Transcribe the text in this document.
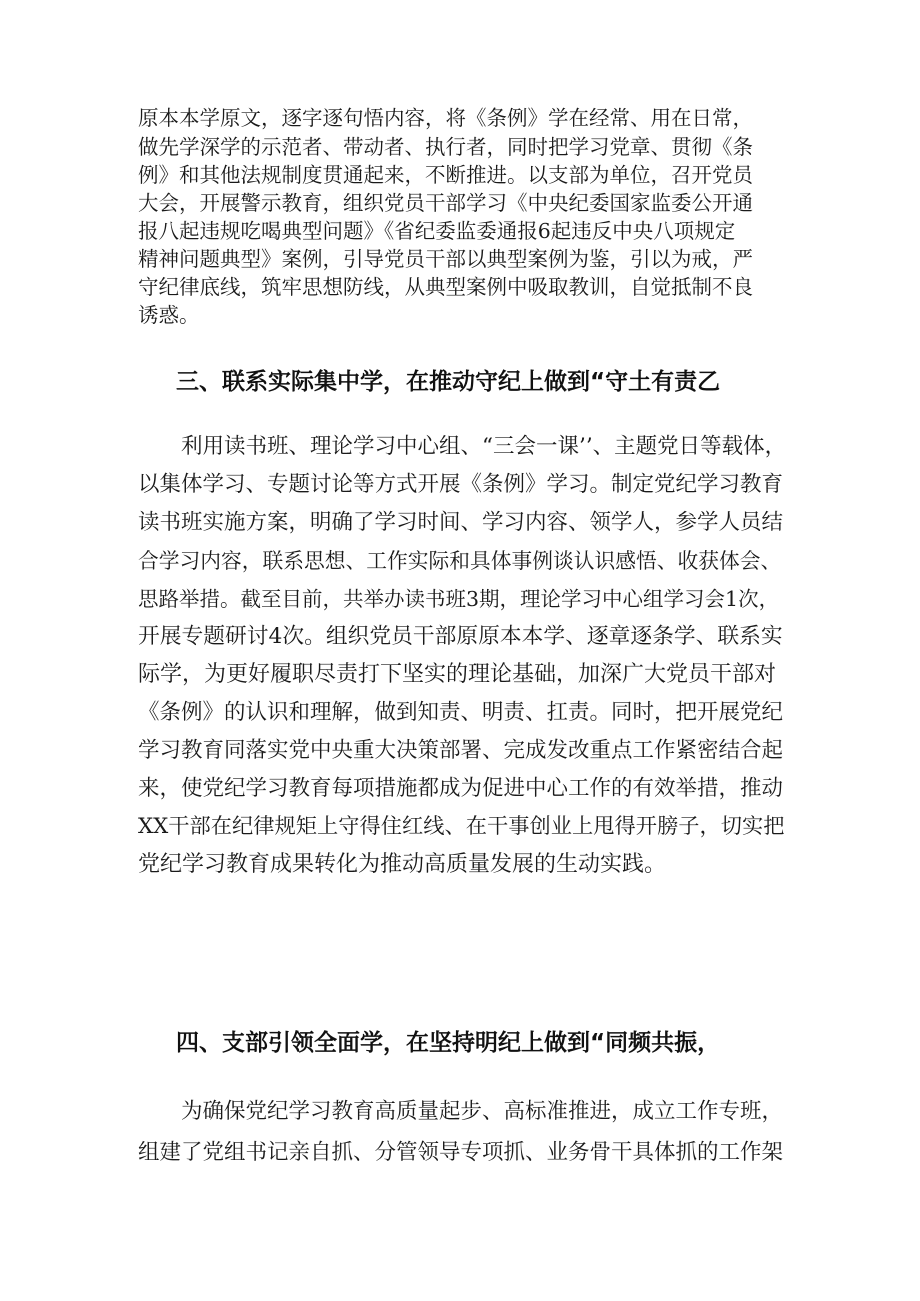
原本本学原文，逐字逐句悟内容，将《条例》学在经常、用在日常，
做先学深学的示范者、带动者、执行者，同时把学习党章、贯彻《条
例》和其他法规制度贯通起来，不断推进。以支部为单位，召开党员
大会，开展警示教育，组织党员干部学习《中央纪委国家监委公开通
报八起违规吃喝典型问题》《省纪委监委通报6起违反中央八项规定
精神问题典型》案例，引导党员干部以典型案例为鉴，引以为戒，严
守纪律底线，筑牢思想防线，从典型案例中吸取教训，自觉抵制不良
诱惑。
三、联系实际集中学，在推动守纪上做到“守土有责乙
利用读书班、理论学习中心组、“三会一课’’、主题党日等载体，
以集体学习、专题讨论等方式开展《条例》学习。制定党纪学习教育
读书班实施方案，明确了学习时间、学习内容、领学人，参学人员结
合学习内容，联系思想、工作实际和具体事例谈认识感悟、收获体会、
思路举措。截至目前，共举办读书班3期，理论学习中心组学习会1次，
开展专题研讨4次。组织党员干部原原本本学、逐章逐条学、联系实
际学，为更好履职尽责打下坚实的理论基础，加深广大党员干部对
《条例》的认识和理解，做到知责、明责、扛责。同时，把开展党纪
学习教育同落实党中央重大决策部署、完成发改重点工作紧密结合起
来，使党纪学习教育每项措施都成为促进中心工作的有效举措，推动
XX干部在纪律规矩上守得住红线、在干事创业上甩得开膀子，切实把
党纪学习教育成果转化为推动高质量发展的生动实践。
四、支部引领全面学，在坚持明纪上做到“同频共振，
为确保党纪学习教育高质量起步、高标准推进，成立工作专班，
组建了党组书记亲自抓、分管领导专项抓、业务骨干具体抓的工作架
